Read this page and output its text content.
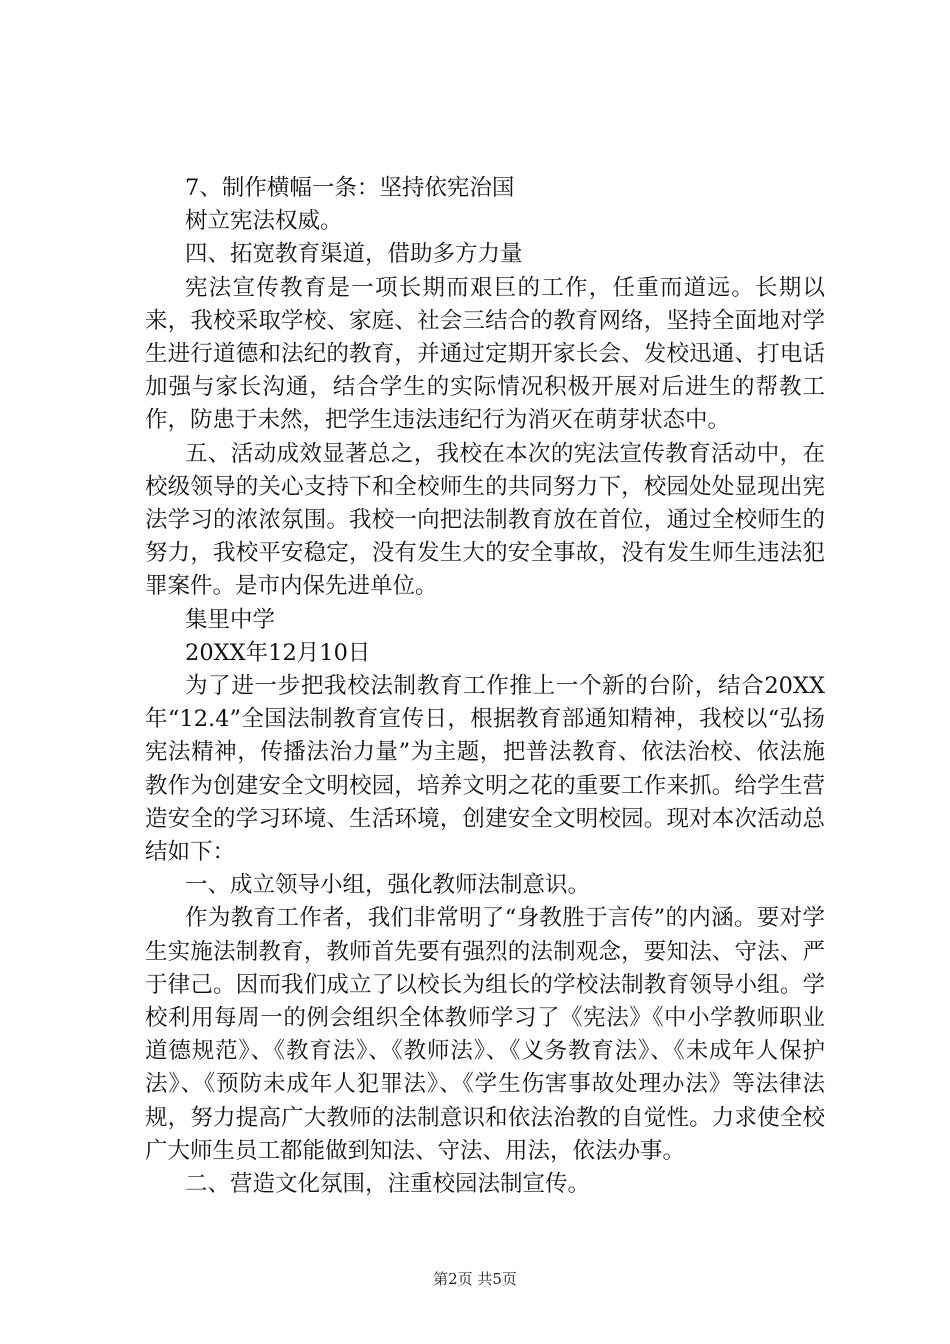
7、制作横幅一条：坚持依宪治国

树立宪法权威。

四、拓宽教育渠道，借助多方力量

宪法宣传教育是一项长期而艰巨的工作，任重而道远。长期以来，我校采取学校、家庭、社会三结合的教育网络，坚持全面地对学生进行道德和法纪的教育，并通过定期开家长会、发校迅通、打电话加强与家长沟通，结合学生的实际情况积极开展对后进生的帮教工作，防患于未然，把学生违法违纪行为消灭在萌芽状态中。

五、活动成效显著总之，我校在本次的宪法宣传教育活动中，在校级领导的关心支持下和全校师生的共同努力下，校园处处显现出宪法学习的浓浓氛围。我校一向把法制教育放在首位，通过全校师生的努力，我校平安稳定，没有发生大的安全事故，没有发生师生违法犯罪案件。是市内保先进单位。

集里中学

20XX年12月10日

为了进一步把我校法制教育工作推上一个新的台阶，结合20XX年“12.4”全国法制教育宣传日，根据教育部通知精神，我校以“弘扬宪法精神，传播法治力量”为主题，把普法教育、依法治校、依法施教作为创建安全文明校园，培养文明之花的重要工作来抓。给学生营造安全的学习环境、生活环境，创建安全文明校园。现对本次活动总结如下：

一、成立领导小组，强化教师法制意识。

作为教育工作者，我们非常明了“身教胜于言传”的内涵。要对学生实施法制教育，教师首先要有强烈的法制观念，要知法、守法、严于律己。因而我们成立了以校长为组长的学校法制教育领导小组。学校利用每周一的例会组织全体教师学习了《宪法》《中小学教师职业道德规范》、《教育法》、《教师法》、《义务教育法》、《未成年人保护法》、《预防未成年人犯罪法》、《学生伤害事故处理办法》等法律法规，努力提高广大教师的法制意识和依法治教的自觉性。力求使全校广大师生员工都能做到知法、守法、用法，依法办事。

二、营造文化氛围，注重校园法制宣传。

第2页 共5页
